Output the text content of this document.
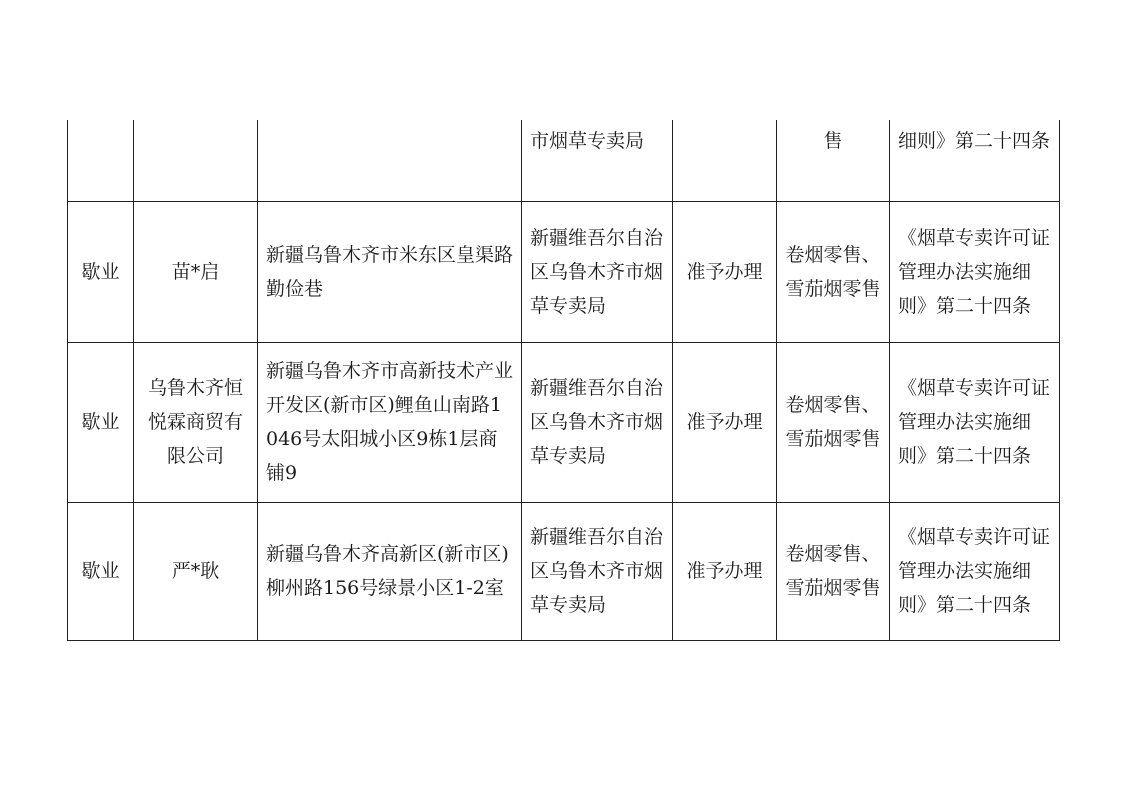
			市烟草专卖局		售	细则》第二十四条
歇业	苗*启	新疆乌鲁木齐市米东区皇渠路勤俭巷	新疆维吾尔自治区乌鲁木齐市烟草专卖局	准予办理	卷烟零售、雪茄烟零售	《烟草专卖许可证管理办法实施细则》第二十四条
歇业	乌鲁木齐恒悦霖商贸有限公司	新疆乌鲁木齐市高新技术产业开发区(新市区)鲤鱼山南路1046号太阳城小区9栋1层商铺9	新疆维吾尔自治区乌鲁木齐市烟草专卖局	准予办理	卷烟零售、雪茄烟零售	《烟草专卖许可证管理办法实施细则》第二十四条
歇业	严*耿	新疆乌鲁木齐高新区(新市区)柳州路156号绿景小区1-2室	新疆维吾尔自治区乌鲁木齐市烟草专卖局	准予办理	卷烟零售、雪茄烟零售	《烟草专卖许可证管理办法实施细则》第二十四条
